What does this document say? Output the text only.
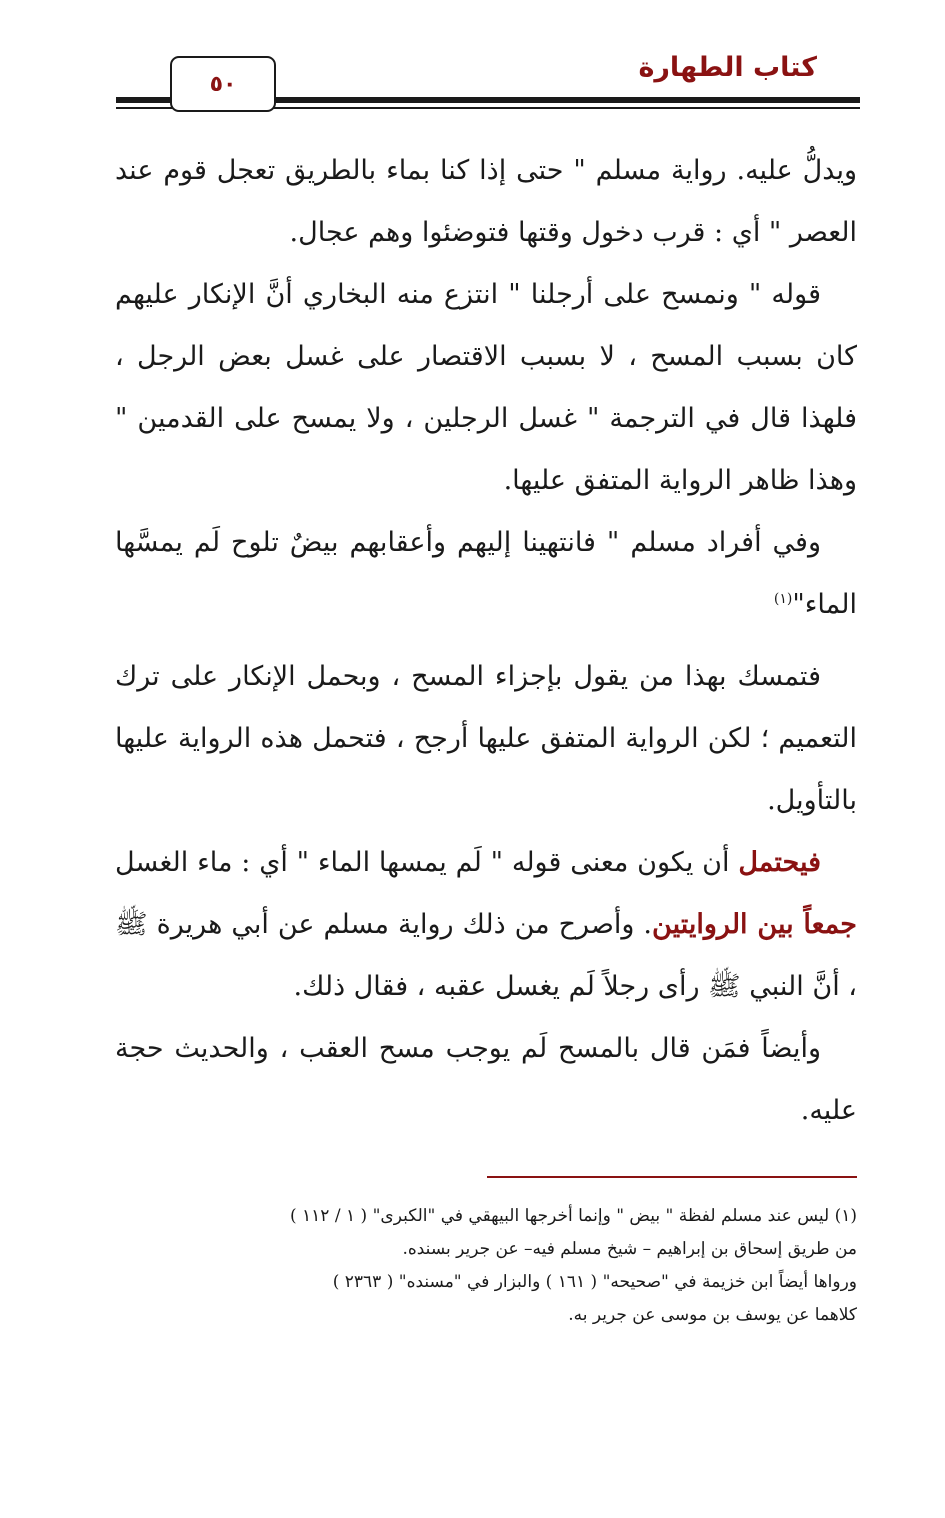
كتاب الطهارة
٥٠

ويدلُّ عليه. رواية مسلم " حتى إذا كنا بماء بالطريق تعجل قوم عند العصر " أي : قرب دخول وقتها فتوضئوا وهم عجال.

قوله " ونمسح على أرجلنا " انتزع منه البخاري أنَّ الإنكار عليهم كان بسبب المسح ، لا بسبب الاقتصار على غسل بعض الرجل ، فلهذا قال في الترجمة " غسل الرجلين ، ولا يمسح على القدمين " وهذا ظاهر الرواية المتفق عليها.

وفي أفراد مسلم " فانتهينا إليهم وأعقابهم بيضٌ تلوح لَم يمسَّها الماء"$^{(١)}$

فتمسك بهذا من يقول بإجزاء المسح ، وبحمل الإنكار على ترك التعميم ؛ لكن الرواية المتفق عليها أرجح ، فتحمل هذه الرواية عليها بالتأويل.

فيحتمل أن يكون معنى قوله " لَم يمسها الماء " أي : ماء الغسل جمعاً بين الروايتين. وأصرح من ذلك رواية مسلم عن أبي هريرة ﷺ ، أنَّ النبي ﷺ رأى رجلاً لَم يغسل عقبه ، فقال ذلك.

وأيضاً فمَن قال بالمسح لَم يوجب مسح العقب ، والحديث حجة عليه.

(١) ليس عند مسلم لفظة " بيض " وإنما أخرجها البيهقي في "الكبرى" ( ١ / ١١٢ )

من طريق إسحاق بن إبراهيم – شيخ مسلم فيه– عن جرير بسنده.

ورواها أيضاً ابن خزيمة في "صحيحه" ( ١٦١ ) والبزار في "مسنده" ( ٢٣٦٣ )

كلاهما عن يوسف بن موسى عن جرير به.
